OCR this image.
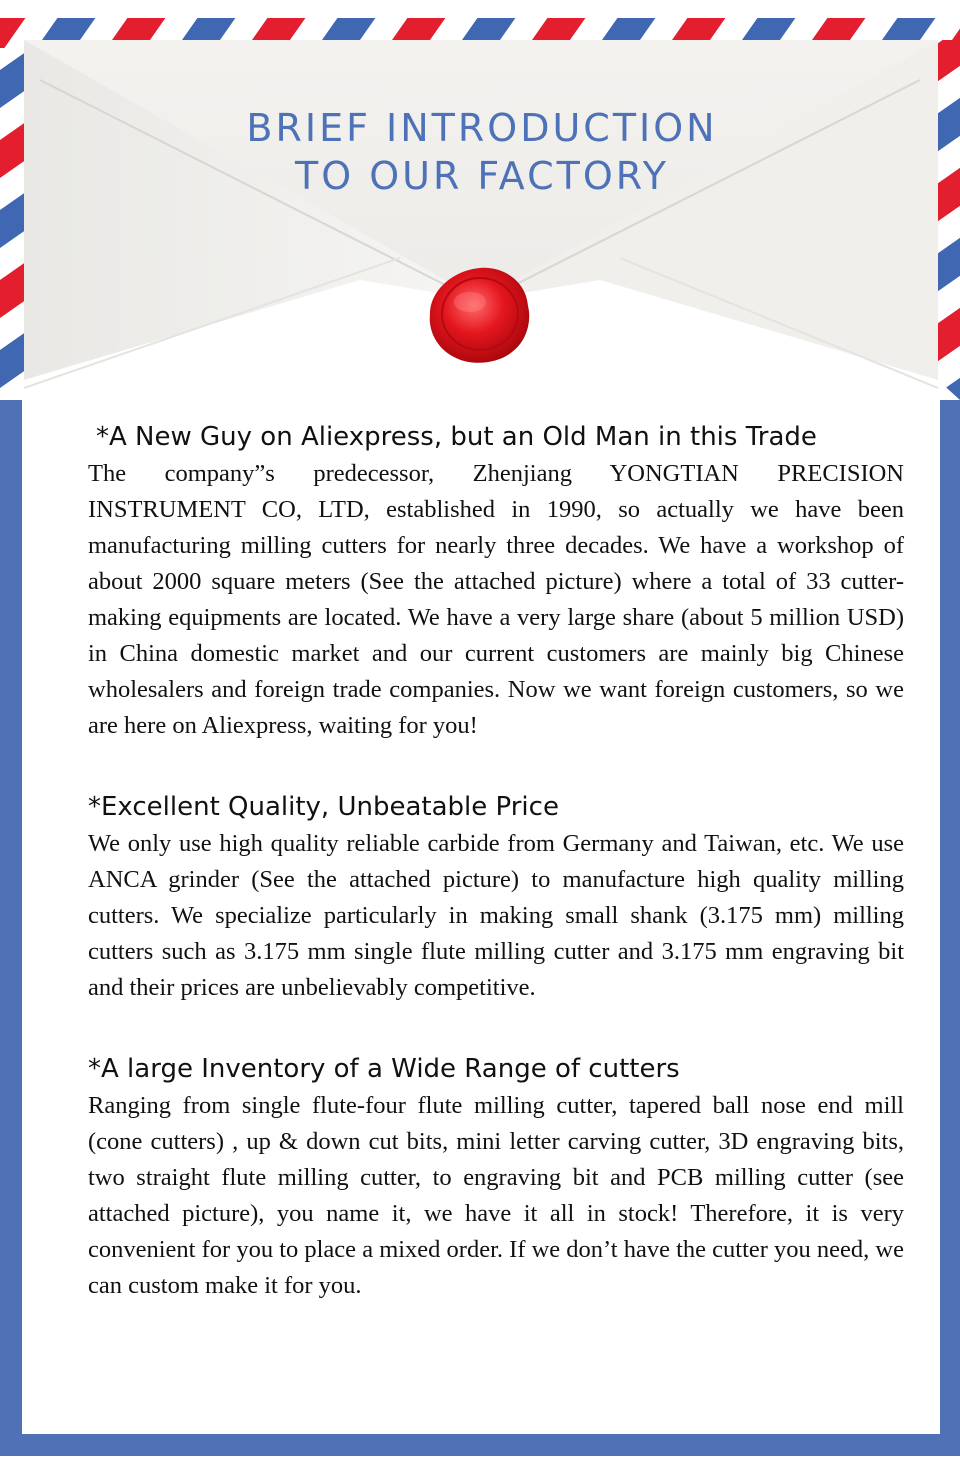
BRIEF INTRODUCTION
TO OUR FACTORY

*A New Guy on Aliexpress, but an Old Man in this Trade

The company”s predecessor, Zhenjiang YONGTIAN PRECISION INSTRUMENT CO, LTD, established in 1990, so actually we have been manufacturing milling cutters for nearly three decades. We have a workshop of about 2000 square meters (See the attached picture) where a total of 33 cutter-making equipments are located. We have a very large share (about 5 million USD) in China domestic market and our current customers are mainly big Chinese wholesalers and foreign trade companies. Now we want foreign customers, so we are here on Aliexpress, waiting for you!

*Excellent Quality, Unbeatable Price

We only use high quality reliable carbide from Germany and Taiwan, etc. We use ANCA grinder (See the attached picture) to manufacture high quality milling cutters. We specialize particularly in making small shank (3.175 mm) milling cutters such as 3.175 mm single flute milling cutter and 3.175 mm engraving bit and their prices are unbelievably competitive.

*A large Inventory of a Wide Range of cutters

Ranging from single flute-four flute milling cutter, tapered ball nose end mill (cone cutters) , up & down cut bits, mini letter carving cutter, 3D engraving bits, two straight flute milling cutter, to engraving bit and PCB milling cutter (see attached picture), you name it, we have it all in stock! Therefore, it is very convenient for you to place a mixed order. If we don’t have the cutter you need, we can custom make it for you.
